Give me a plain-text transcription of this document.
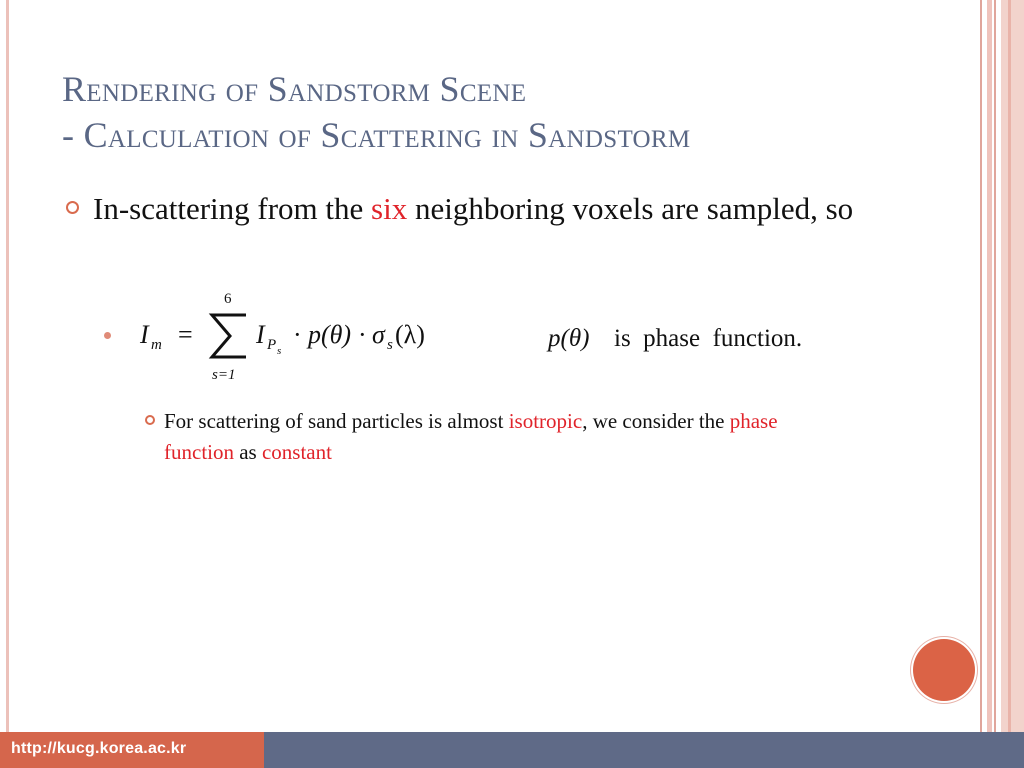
Rendering of Sandstorm Scene
- Calculation of Scattering in Sandstorm
In-scattering from the six neighboring voxels are sampled, so
I m =
6
s=1
I P s
· p(θ) · σ s (λ)	p(θ) is  phase  function.
For scattering of sand particles is almost isotropic, we consider the phase function as constant
http://kucg.korea.ac.kr
